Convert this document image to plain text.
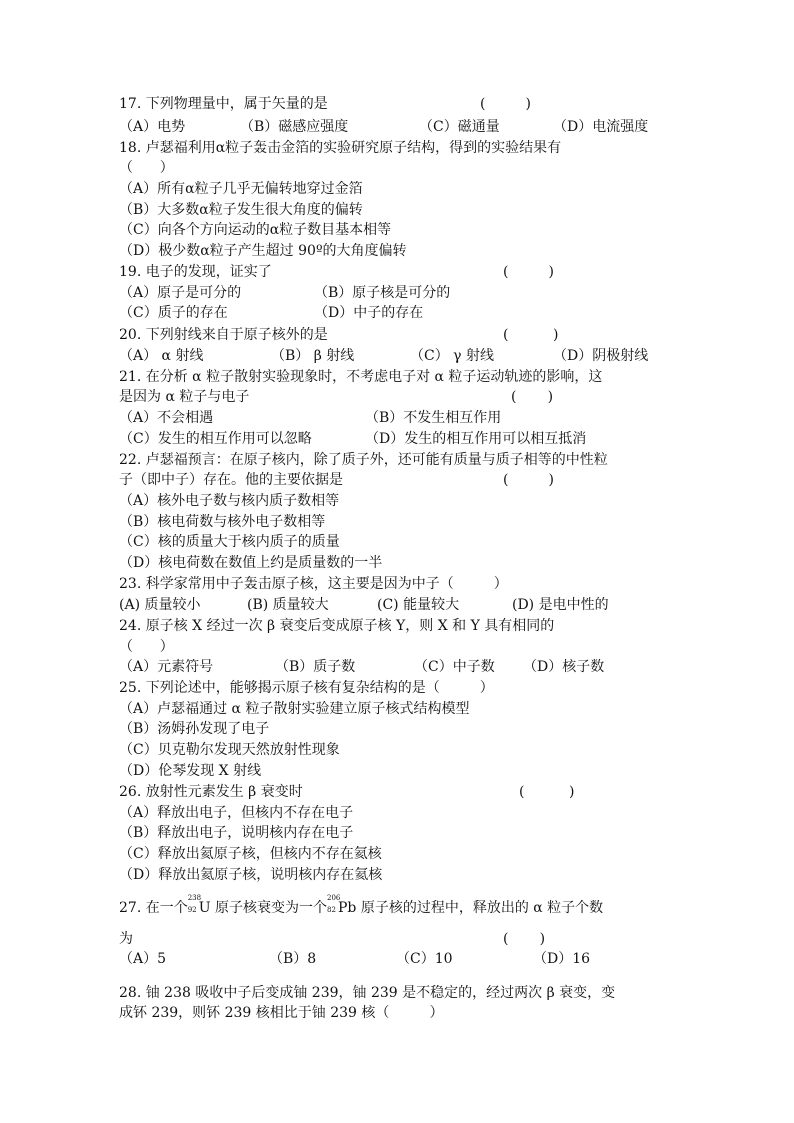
17. 下列物理量中，属于矢量的是

	(         )

（A）电势

	（B）磁感应强度

	（C）磁通量

	（D）电流强度

18. 卢瑟福利用α粒子轰击金箔的实验研究原子结构，得到的实验结果有

（      ）

（A）所有α粒子几乎无偏转地穿过金箔

（B）大多数α粒子发生很大角度的偏转

（C）向各个方向运动的α粒子数目基本相等

（D）极少数α粒子产生超过 90º的大角度偏转

19. 电子的发现，证实了

	(         )

（A）原子是可分的

	（B）原子核是可分的

（C）质子的存在

	（D）中子的存在

20. 下列射线来自于原子核外的是

	(          )

（A） α 射线

	（B） β 射线

	（C） γ 射线

	（D）阴极射线

21. 在分析 α 粒子散射实验现象时，不考虑电子对 α 粒子运动轨迹的影响，这

是因为 α 粒子与电子

	(       )

（A）不会相遇

	（B）不发生相互作用

（C）发生的相互作用可以忽略

	（D）发生的相互作用可以相互抵消

22. 卢瑟福预言：在原子核内，除了质子外，还可能有质量与质子相等的中性粒

子（即中子）存在。他的主要依据是

	(         )

（A）核外电子数与核内质子数相等

（B）核电荷数与核外电子数相等

（C）核的质量大于核内质子的质量

（D）核电荷数在数值上约是质量数的一半

23. 科学家常用中子轰击原子核，这主要是因为中子（         ）

(A) 质量较小

	(B) 质量较大

	(C) 能量较大

	(D) 是电中性的

24. 原子核 X 经过一次 β 衰变后变成原子核 Y，则 X 和 Y 具有相同的

（      ）

（A）元素符号

	（B）质子数

	（C）中子数

（D）核子数

25. 下列论述中，能够揭示原子核有复杂结构的是（         ）

（A）卢瑟福通过 α 粒子散射实验建立原子核式结构模型

（B）汤姆孙发现了电子

（C）贝克勒尔发现天然放射性现象

（D）伦琴发现 X 射线

26. 放射性元素发生 β 衰变时

	(          )

（A）释放出电子，但核内不存在电子

（B）释放出电子，说明核内存在电子

（C）释放出氦原子核，但核内不存在氦核

（D）释放出氦原子核，说明核内存在氦核

27. 在一个
238
92 U 原子核衰变为一个
206
82 Pb 原子核的过程中，释放出的 α 粒子个数

为

	(       )

（A）5

	（B）8

	（C）10

	（D）16

28. 铀 238 吸收中子后变成铀 239，铀 239 是不稳定的，经过两次 β 衰变，变

成钚 239，则钚 239 核相比于铀 239 核（         ）
